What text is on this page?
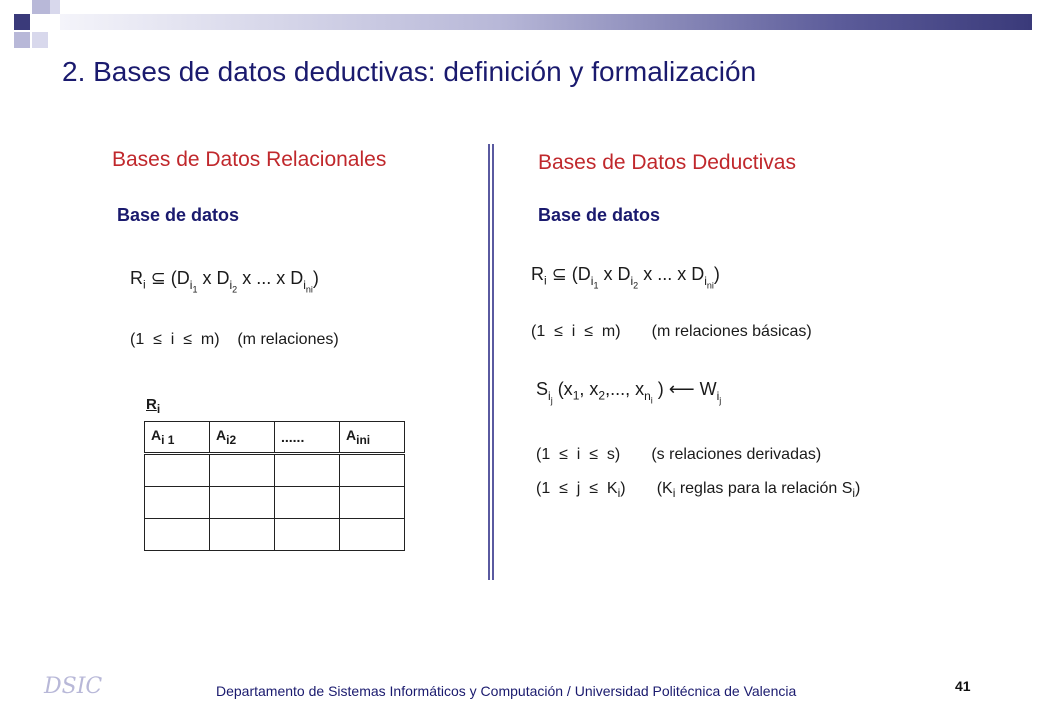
2. Bases de datos deductivas: definición y formalización
Bases de Datos Relacionales
Base de datos
$R_i$ ⊆ ($D_{i_1}$ x $D_{i_2}$ x ... x $D_{i_{ni}}$)
(1  ≤  i  ≤  m)    (m relaciones)
$R_i$
$A_{i 1}$	$A_{i2}$	......	$A_{ini}$

Bases de Datos Deductivas
Base de datos
$R_i$ ⊆ ($D_{i_1}$ x $D_{i_2}$ x ... x $D_{i_{ni}}$)
(1  ≤  i  ≤  m)       (m relaciones básicas)
$S_{i_j}$ ($x_1$, $x_2$,..., $x_{n_i}$ ) ⟵ $W_{i_j}$
(1  ≤  i  ≤  s)       (s relaciones derivadas)
$(1 \le j \le K_i)$       ($K_i$ reglas para la relación $S_i$)
DSIC	Departamento de Sistemas Informáticos y Computación / Universidad Politécnica de Valencia	41
